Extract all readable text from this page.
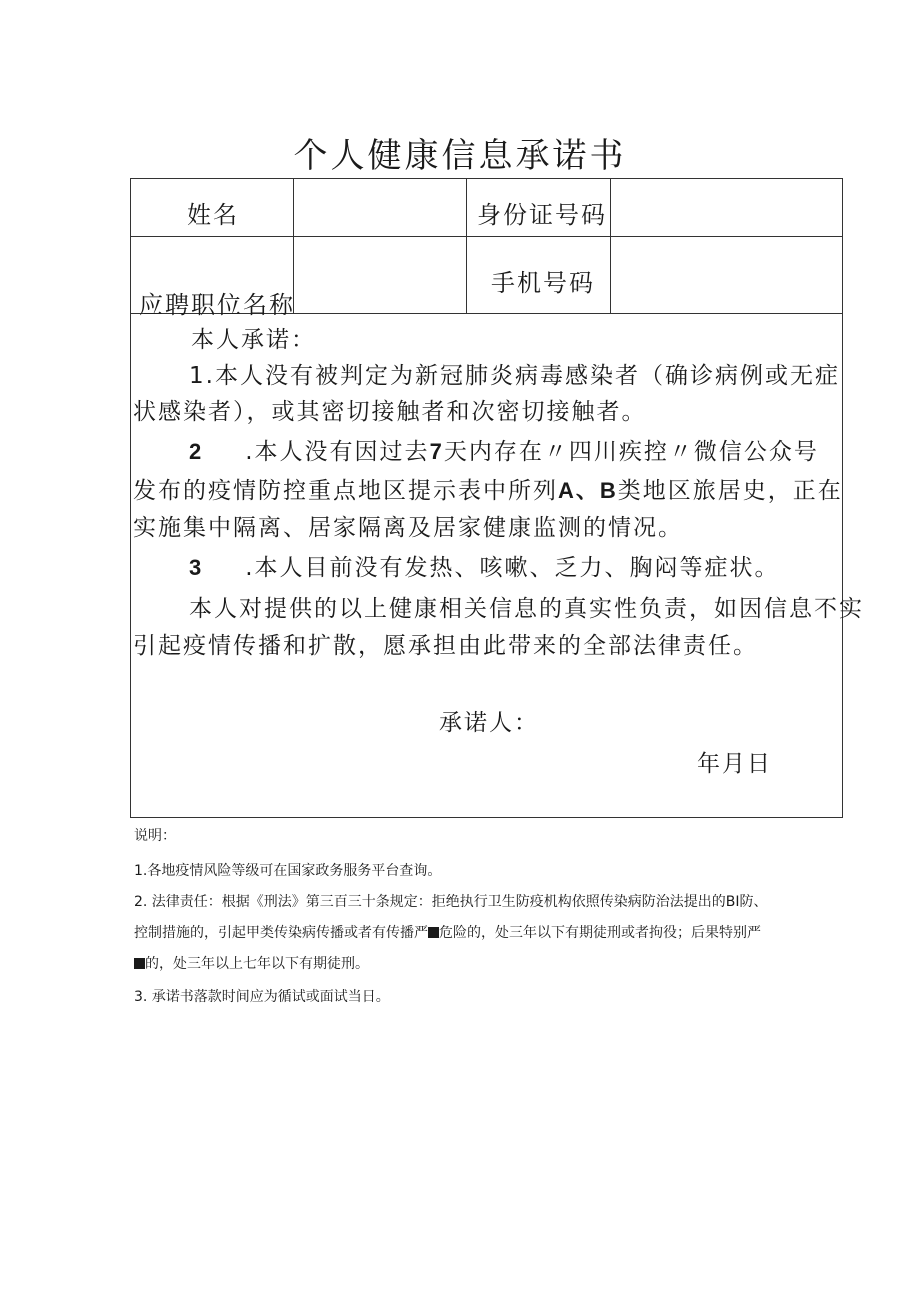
个人健康信息承诺书
姓名	身份证号码
应聘职位名称
手机号码
本人承诺：
1.本人没有被判定为新冠肺炎病毒感染者（确诊病例或无症
状感染者），或其密切接触者和次密切接触者。
2 .本人没有因过去7天内存在〃四川疾控〃微信公众号
发布的疫情防控重点地区提示表中所列A、B类地区旅居史，正在
实施集中隔离、居家隔离及居家健康监测的情况。
3 .本人目前没有发热、咳嗽、乏力、胸闷等症状。
本人对提供的以上健康相关信息的真实性负责，如因信息不实
引起疫情传播和扩散，愿承担由此带来的全部法律责任。
承诺人：
年月日
说明：
1.各地疫情风险等级可在国家政务服务平台查询。
2. 法律责任：根据《刑法》第三百三十条规定：拒绝执行卫生防疫机构依照传染病防治法提出的BI防、
控制措施的，引起甲类传染病传播或者有传播严 危险的，处三年以下有期徒刑或者拘役；后果特别严
的，处三年以上七年以下有期徒刑。
3. 承诺书落款时间应为循试或面试当日。
